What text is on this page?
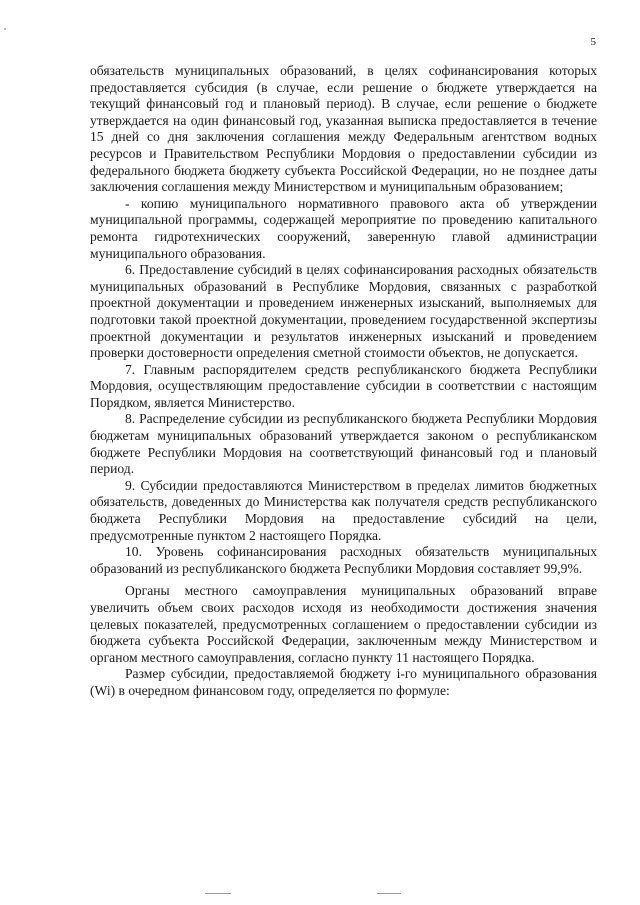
5

обязательств муниципальных образований, в целях софинансирования которых предоставляется субсидия (в случае, если решение о бюджете утверждается на текущий финансовый год и плановый период). В случае, если решение о бюджете утверждается на один финансовый год, указанная выписка предоставляется в течение 15 дней со дня заключения соглашения между Федеральным агентством водных ресурсов и Правительством Республики Мордовия о предоставлении субсидии из федерального бюджета бюджету субъекта Российской Федерации, но не позднее даты заключения соглашения между Министерством и муниципальным образованием;

- копию муниципального нормативного правового акта об утверждении муниципальной программы, содержащей мероприятие по проведению капитального ремонта гидротехнических сооружений, заверенную главой администрации муниципального образования.

6. Предоставление субсидий в целях софинансирования расходных обязательств муниципальных образований в Республике Мордовия, связанных с разработкой проектной документации и проведением инженерных изысканий, выполняемых для подготовки такой проектной документации, проведением государственной экспертизы проектной документации и результатов инженерных изысканий и проведением проверки достоверности определения сметной стоимости объектов, не допускается.

7. Главным распорядителем средств республиканского бюджета Республики Мордовия, осуществляющим предоставление субсидии в соответствии с настоящим Порядком, является Министерство.

8. Распределение субсидии из республиканского бюджета Республики Мордовия бюджетам муниципальных образований утверждается законом о республиканском бюджете Республики Мордовия на соответствующий финансовый год и плановый период.

9. Субсидии предоставляются Министерством в пределах лимитов бюджетных обязательств, доведенных до Министерства как получателя средств республиканского бюджета Республики Мордовия на предоставление субсидий на цели, предусмотренные пунктом 2 настоящего Порядка.

10. Уровень софинансирования расходных обязательств муниципальных образований из республиканского бюджета Республики Мордовия составляет 99,9%.

Органы местного самоуправления муниципальных образований вправе увеличить объем своих расходов исходя из необходимости достижения значения целевых показателей, предусмотренных соглашением о предоставлении субсидии из бюджета субъекта Российской Федерации, заключенным между Министерством и органом местного самоуправления, согласно пункту 11 настоящего Порядка.

Размер субсидии, предоставляемой бюджету i-го муниципального образования (Wi) в очередном финансовом году, определяется по формуле:
